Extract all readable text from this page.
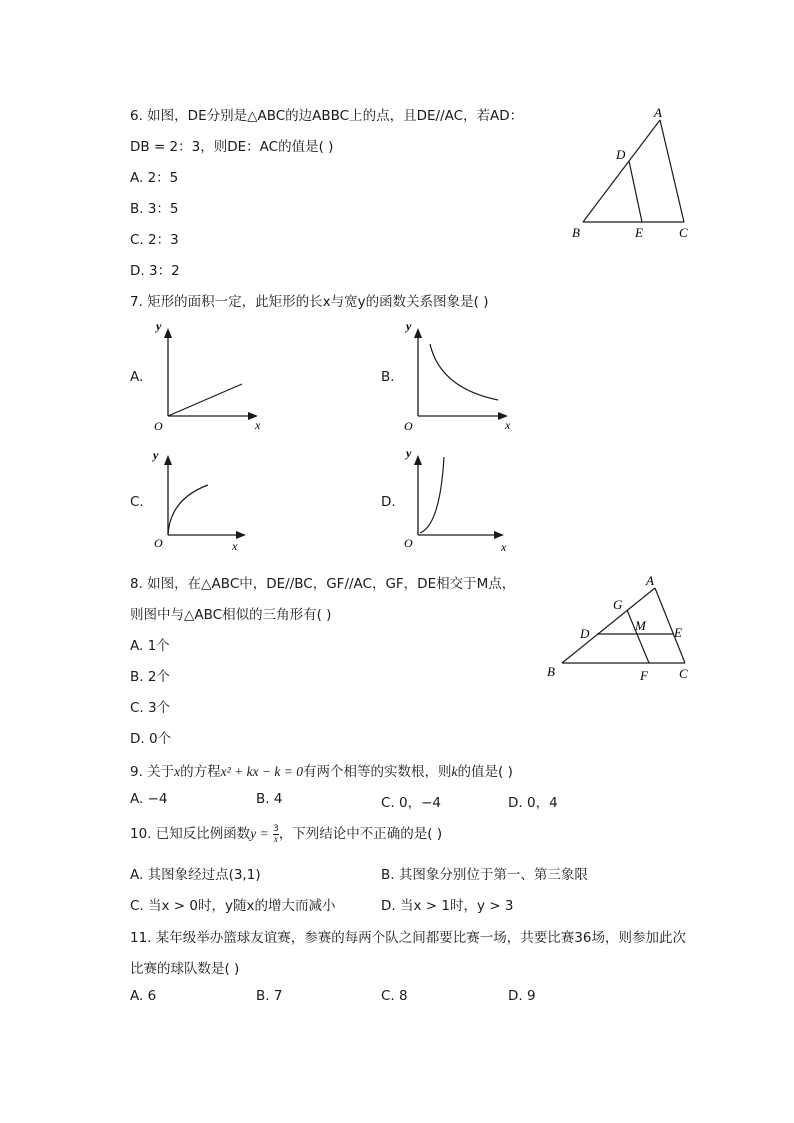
6. 如图，DE分别是△ABC的边ABBC上的点，且DE//AC，若AD：
DB = 2：3，则DE：AC的值是( )
A. 2：5
B. 3：5
C. 2：3
D. 3：2
A
D
B	E	C
7. 矩形的面积一定，此矩形的长x与宽y的函数关系图象是( )
A.
y
O	x
B.
y
O	x
C.
y
O	x
D.
y
O	x
8. 如图，在△ABC中，DE//BC，GF//AC，GF，DE相交于M点，
则图中与△ABC相似的三角形有( )
A. 1个
B. 2个
C. 3个
D. 0个
A
G
D
M E
B	F C
9. 关于x的方程x² + kx − k = 0有两个相等的实数根，则k的值是( )
A. −4	B. 4	C. 0，−4	D. 0，4
10. 已知反比例函数$y = \frac{3}{x}$ ，下列结论中不正确的是( )
A. 其图象经过点(3,1)	B. 其图象分别位于第一、第三象限
C. 当x > 0时，y随x的增大而减小	D. 当x > 1时，y > 3
11. 某年级举办篮球友谊赛，参赛的每两个队之间都要比赛一场，共要比赛36场，则参加此次
比赛的球队数是( )
A. 6	B. 7	C. 8	D. 9
